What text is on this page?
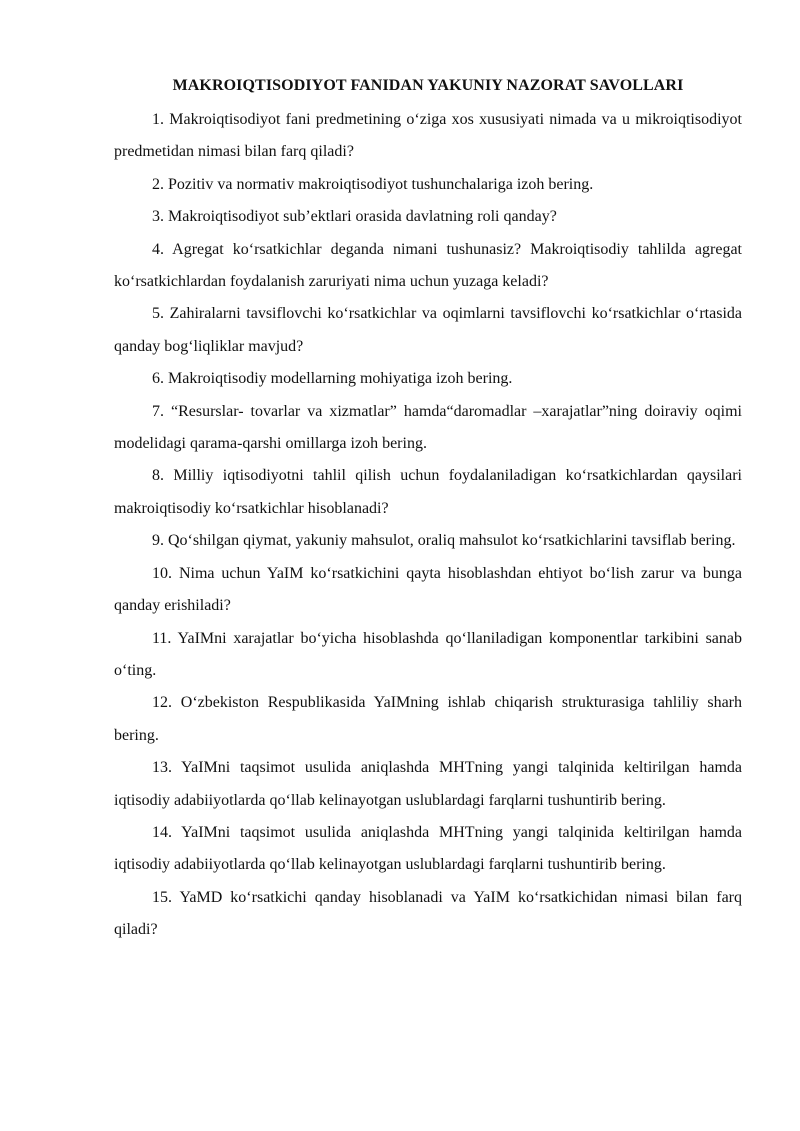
MAKROIQTISODIYOT FANIDAN YAKUNIY NAZORAT SAVOLLARI
1. Makroiqtisodiyot fani predmetining o‘ziga xos xususiyati nimada va u mikroiqtisodiyot predmetidan nimasi bilan farq qiladi?
2. Pozitiv va normativ makroiqtisodiyot tushunchalariga izoh bering.
3. Makroiqtisodiyot sub’ektlari orasida davlatning roli qanday?
4. Agregat ko‘rsatkichlar deganda nimani tushunasiz? Makroiqtisodiy tahlilda agregat ko‘rsatkichlardan foydalanish zaruriyati nima uchun yuzaga keladi?
5. Zahiralarni tavsiflovchi ko‘rsatkichlar va oqimlarni tavsiflovchi ko‘rsatkichlar o‘rtasida qanday bog‘liqliklar mavjud?
6. Makroiqtisodiy modellarning mohiyatiga izoh bering.
7. “Resurslar- tovarlar va xizmatlar” hamda“daromadlar –xarajatlar”ning doiraviy oqimi modelidagi qarama-qarshi omillarga izoh bering.
8. Milliy iqtisodiyotni tahlil qilish uchun foydalaniladigan ko‘rsatkichlardan qaysilari makroiqtisodiy ko‘rsatkichlar hisoblanadi?
9. Qo‘shilgan qiymat, yakuniy mahsulot, oraliq mahsulot ko‘rsatkichlarini tavsiflab bering.
10. Nima uchun YaIM ko‘rsatkichini qayta hisoblashdan ehtiyot bo‘lish zarur va bunga qanday erishiladi?
11. YaIMni xarajatlar bo‘yicha hisoblashda qo‘llaniladigan komponentlar tarkibini sanab o‘ting.
12. O‘zbekiston Respublikasida YaIMning ishlab chiqarish strukturasiga tahliliy sharh bering.
13. YaIMni taqsimot usulida aniqlashda MHTning yangi talqinida keltirilgan hamda iqtisodiy adabiiyotlarda qo‘llab kelinayotgan uslublardagi farqlarni tushuntirib bering.
14. YaIMni taqsimot usulida aniqlashda MHTning yangi talqinida keltirilgan hamda iqtisodiy adabiiyotlarda qo‘llab kelinayotgan uslublardagi farqlarni tushuntirib bering.
15. YaMD ko‘rsatkichi qanday hisoblanadi va YaIM ko‘rsatkichidan nimasi bilan farq qiladi?
